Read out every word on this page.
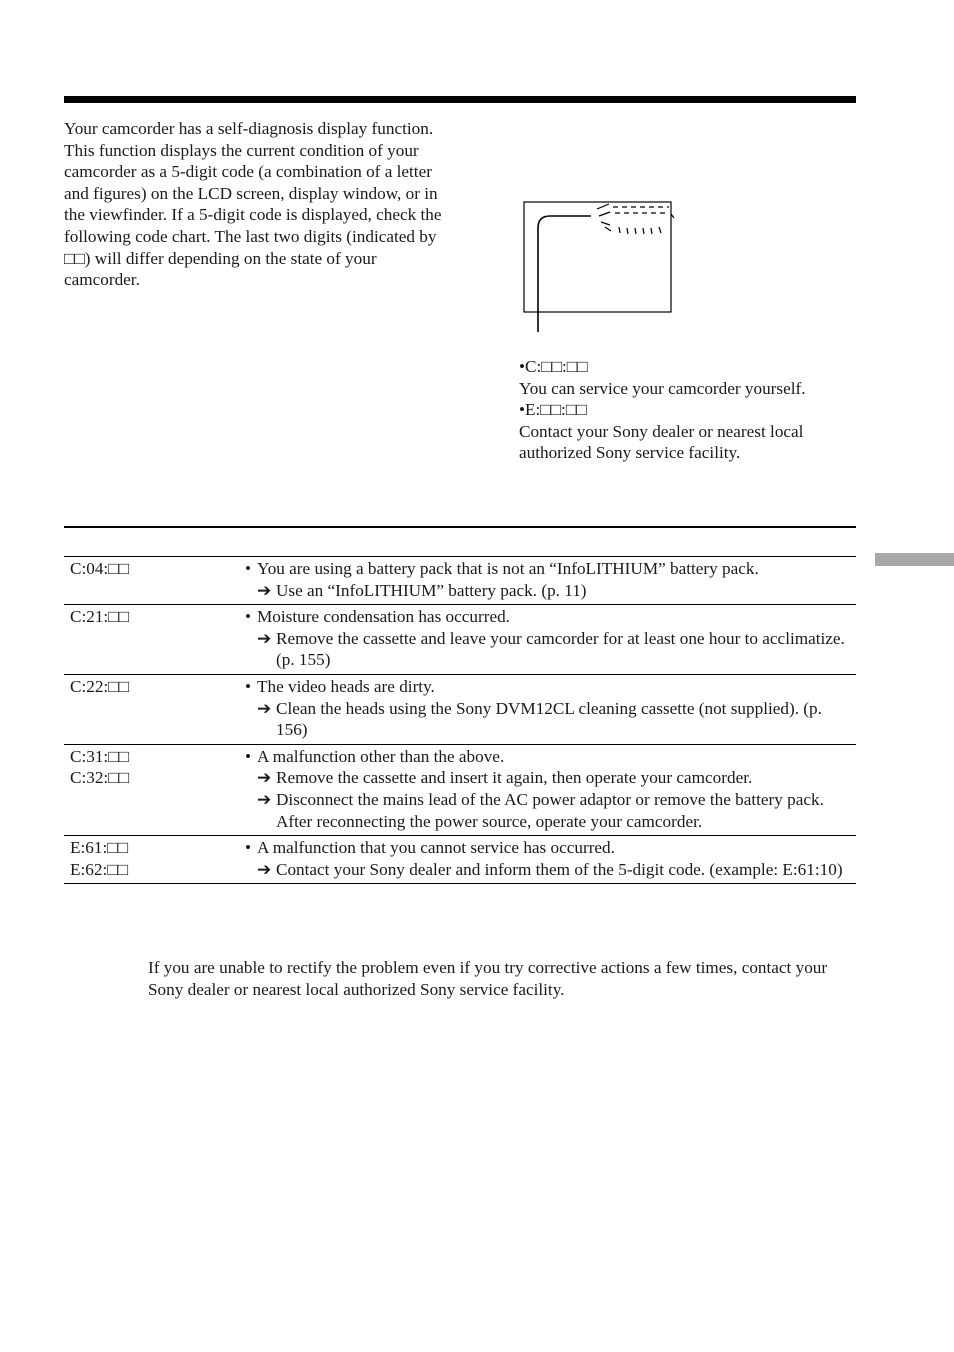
Your camcorder has a self-diagnosis display function.

This function displays the current condition of your camcorder as a 5-digit code (a combination of a letter and figures) on the LCD screen, display window, or in the viewfinder. If a 5-digit code is displayed, check the following code chart. The last two digits (indicated by □□) will differ depending on the state of your camcorder.

•C:□□:□□

You can service your camcorder yourself.

•E:□□:□□

Contact your Sony dealer or nearest local authorized Sony service facility.

C:04:□□	• You are using a battery pack that is not an “InfoLITHIUM” battery pack.
➔ Use an “InfoLITHIUM” battery pack. (p. 11)
C:21:□□	• Moisture condensation has occurred.
➔ Remove the cassette and leave your camcorder for at least one hour to acclimatize. (p. 155)
C:22:□□	• The video heads are dirty.
➔ Clean the heads using the Sony DVM12CL cleaning cassette (not supplied). (p. 156)
C:31:□□
C:32:□□
• A malfunction other than the above.
➔ Remove the cassette and insert it again, then operate your camcorder.
➔ Disconnect the mains lead of the AC power adaptor or remove the battery pack. After reconnecting the power source, operate your camcorder.
E:61:□□
E:62:□□
• A malfunction that you cannot service has occurred.
➔ Contact your Sony dealer and inform them of the 5-digit code. (example: E:61:10)

If you are unable to rectify the problem even if you try corrective actions a few times, contact your Sony dealer or nearest local authorized Sony service facility.
